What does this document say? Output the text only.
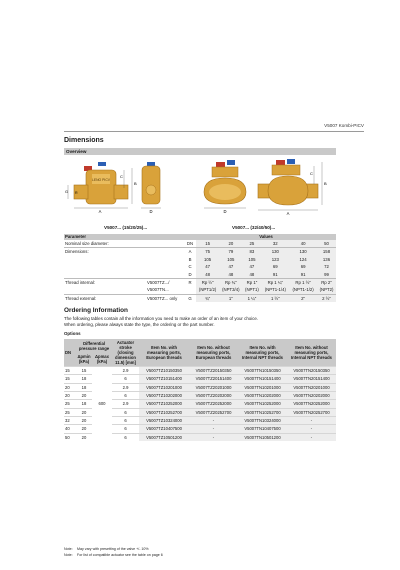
V5007 Kombi-PICV
Dimensions
Overview
LENO PICV
A
G R
B
C
D	D	A
B
C
V5007... (15/20/25)...	V5007... (32/40/50)...
Parameter			Values					
Nominal size diameter:		DN	15	20	25	32	40	50
Dimensions:		A	75	79	83	130	130	158
		B	105	105	105	123	124	136
		C	47	47	47	69	69	72
		D	48	48	48	91	91	99
Thread internal:	V5007TZ.../	R	Rp ½"	Rp ¾"	Rp 1"	Rp 1 ¼"	Rp 1 ½"	Rp 2"
	V5007TN...		(NPT1/2)	(NPT3/4)	(NPT1)	(NPT1-1/4)	(NPT1-1/2)	(NPT2)
Thread external:	V5007TZ... only	G	¾"	1"	1 ¼"	1 ½"	2"	2 ½"
Ordering Information
The following tables contain all the information you need to make an order of an item of your choice.
When ordering, please always state the type, the ordering or the part number.
Options
DN	Differential pressure range		Actuator stroke (closing dimension 11.5) [mm]	Item No. with measuring ports, European threads	Item No. without measuring ports, European threads	Item No. with measuring ports, Internal NPT threads	Item No. without measuring ports, Internal NPT threads
	Δpmin (kPa)	Δpmax (kPa)					
15	15	600	2.9	V5007TZ10150350	V5007TZ20150350	V5007TN10150350	V5007TN20150350
15	18		6	V5007TZ10151400	V5007TZ20151400	V5007TN10151400	V5007TN20151400
20	18		2.9	V5007TZ10201000	V5007TZ20201000	V5007TN10201000	V5007TN20201000
20	20		6	V5007TZ10202000	V5007TZ20202000	V5007TN10202000	V5007TN20202000
25	18		2.9	V5007TZ10252000	V5007TZ20252000	V5007TN10252000	V5007TN20252000
25	20		6	V5007TZ10252700	V5007TZ20252700	V5007TN10252700	V5007TN20252700
32	20		6	V5007TZ10324000	-	V5007TN10324000	-
40	20		6	V5007TZ10407500	-	V5007TN10407500	-
50	20		6	V5007TZ10501200	-	V5007TN10501200	-
Note: May vary with presetting of the valve +/- 10%
Note: For list of compatible actuator see the table on page 6
